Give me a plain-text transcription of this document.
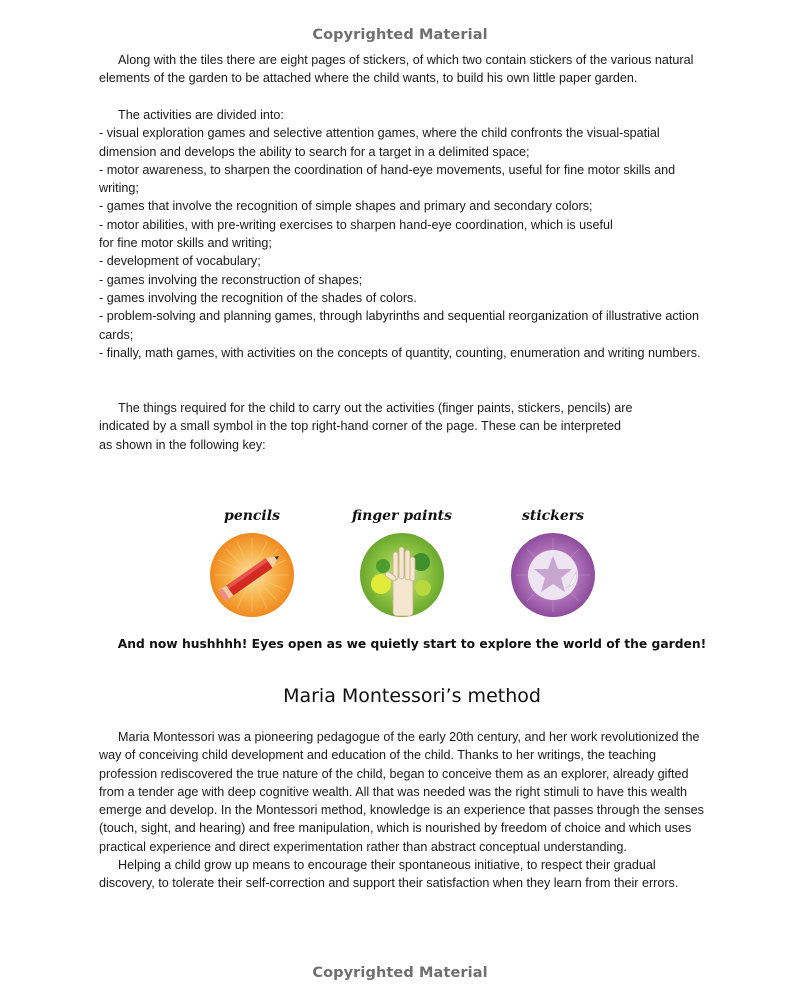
Copyrighted Material

Along with the tiles there are eight pages of stickers, of which two contain stickers of the various natural elements of the garden to be attached where the child wants, to build his own little paper garden.

The activities are divided into:

- visual exploration games and selective attention games, where the child confronts the visual-spatial dimension and develops the ability to search for a target in a delimited space;

- motor awareness, to sharpen the coordination of hand-eye movements, useful for fine motor skills and writing;

- games that involve the recognition of simple shapes and primary and secondary colors;

- motor abilities, with pre-writing exercises to sharpen hand-eye coordination, which is useful

for fine motor skills and writing;

- development of vocabulary;

- games involving the reconstruction of shapes;

- games involving the recognition of the shades of colors.

- problem-solving and planning games, through labyrinths and sequential reorganization of illustrative action cards;

- finally, math games, with activities on the concepts of quantity, counting, enumeration and writing numbers.

The things required for the child to carry out the activities (finger paints, stickers, pencils) are

indicated by a small symbol in the top right-hand corner of the page. These can be interpreted

as shown in the following key:

pencils	finger paints	stickers
And now hushhhh! Eyes open as we quietly start to explore the world of the garden!
Maria Montessori’s method

Maria Montessori was a pioneering pedagogue of the early 20th century, and her work revolutionized the way of conceiving child development and education of the child. Thanks to her writings, the teaching profession rediscovered the true nature of the child, began to conceive them as an explorer, already gifted from a tender age with deep cognitive wealth. All that was needed was the right stimuli to have this wealth emerge and develop. In the Montessori method, knowledge is an experience that passes through the senses (touch, sight, and hearing) and free manipulation, which is nourished by freedom of choice and which uses practical experience and direct experimentation rather than abstract conceptual understanding.

Helping a child grow up means to encourage their spontaneous initiative, to respect their gradual discovery, to tolerate their self-correction and support their satisfaction when they learn from their errors.

Copyrighted Material
